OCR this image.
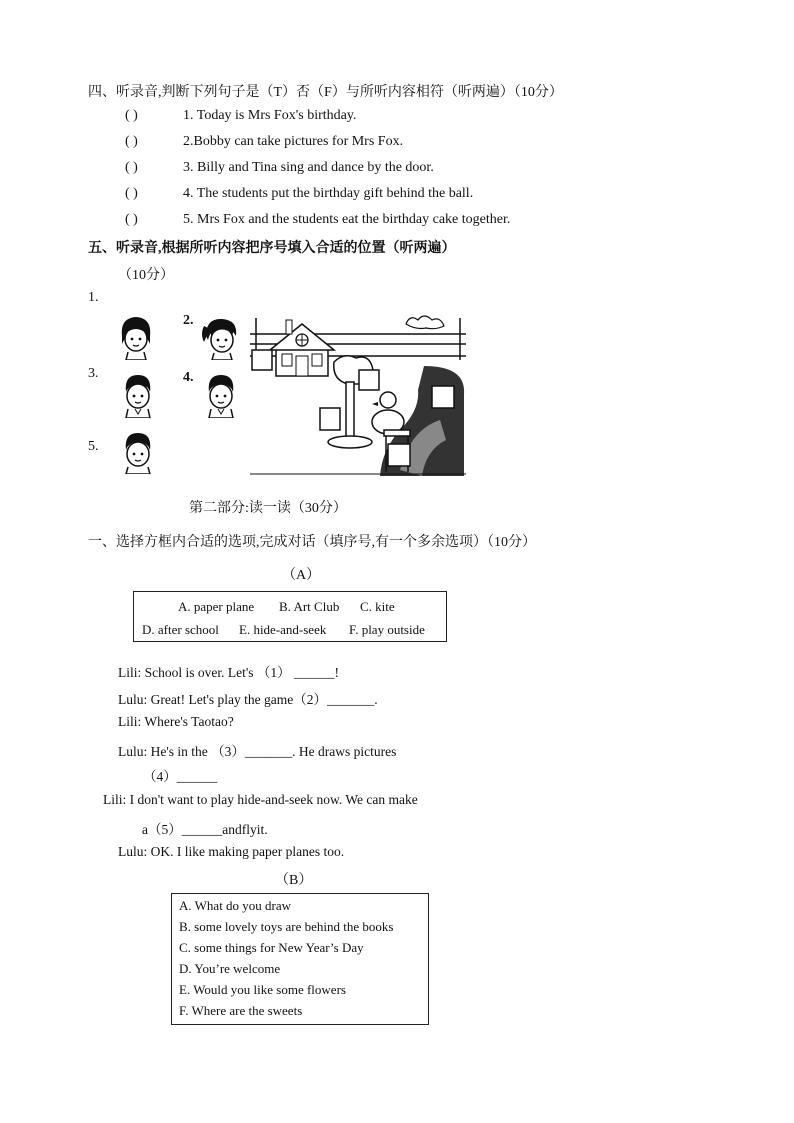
四、听录音,判断下列句子是（T）否（F）与所听内容相符（听两遍）（10分）
( )	1. Today is Mrs Fox's birthday.
( )	2.Bobby can take pictures for Mrs Fox.
( )	3. Billy and Tina sing and dance by the door.
( )	4. The students put the birthday gift behind the ball.
( )	5. Mrs Fox and the students eat the birthday cake together.
五、听录音,根据所听内容把序号填入合适的位置（听两遍）
（10分）
1.
2.
3.	4.
5.
第二部分:读一读（30分）
一、选择方框内合适的选项,完成对话（填序号,有一个多余选项）（10分）
（A）
A. paper plane B. Art Club C. kite
D. after school E. hide-and-seek F. play outside
Lili: School is over. Let's （1） ______!
Lulu: Great! Let's play the game（2）_______.
Lili: Where's Taotao?
Lulu: He's in the （3）_______. He draws pictures
（4）______
Lili: I don't want to play hide-and-seek now. We can make
a（5）______andflyit.
Lulu: OK. I like making paper planes too.
（B）
A. What do you draw
B. some lovely toys are behind the books
C. some things for New Year’s Day
D. You’re welcome
E. Would you like some flowers
F. Where are the sweets
